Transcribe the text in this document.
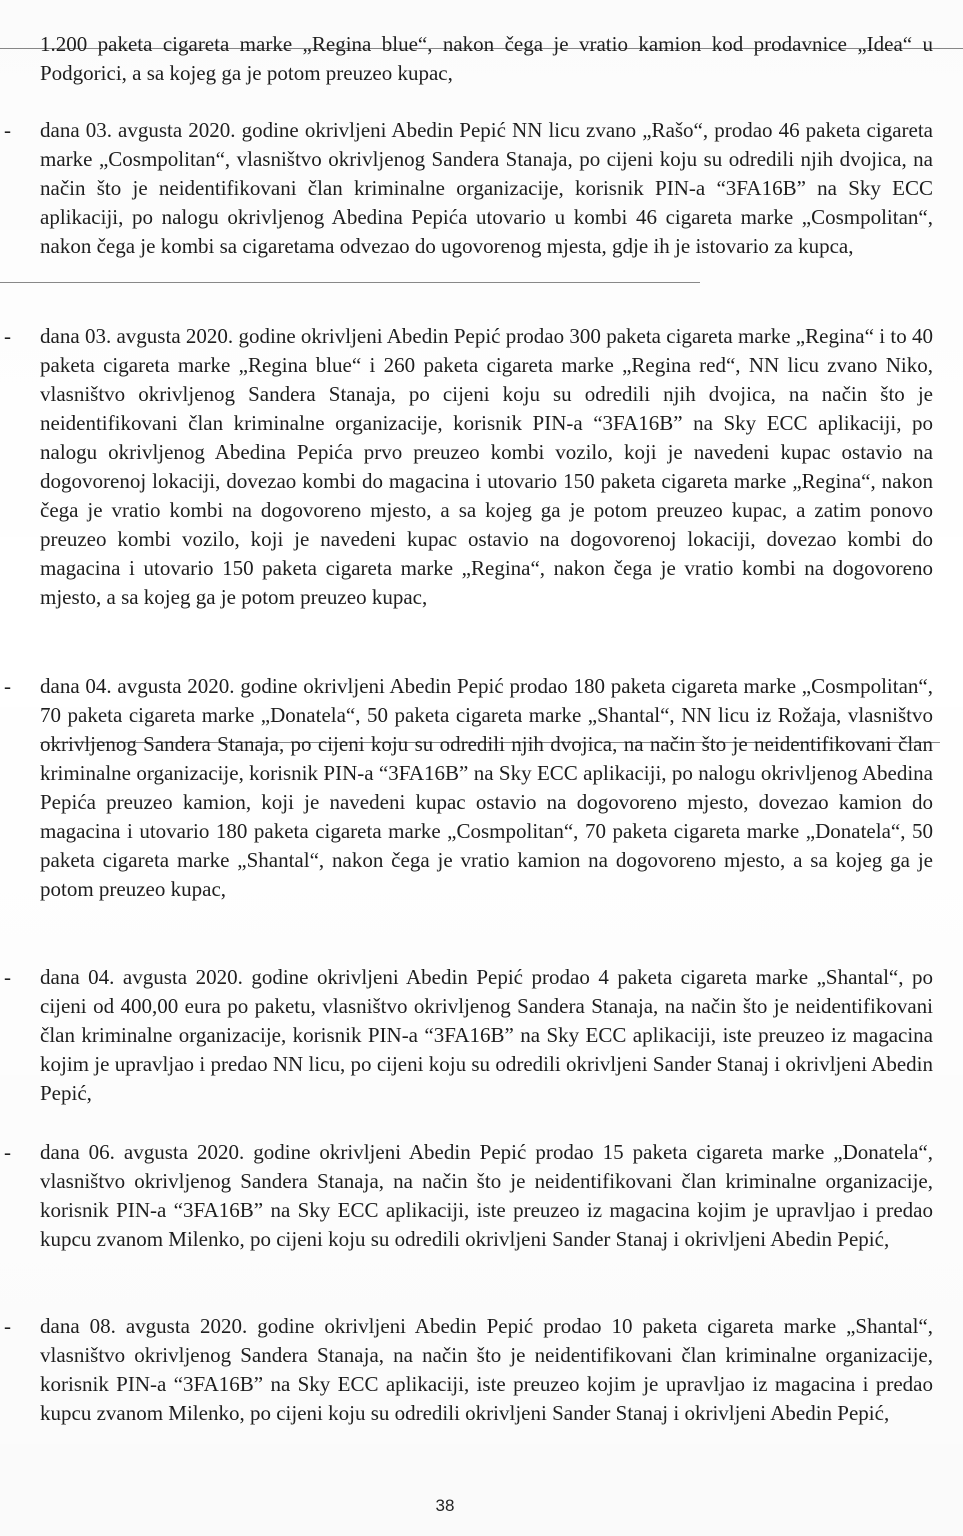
1.200 paketa cigareta marke „Regina blue“, nakon čega je vratio kamion kod prodavnice „Idea“ u Podgorici, a sa kojeg ga je potom preuzeo kupac,

- dana 03. avgusta 2020. godine okrivljeni Abedin Pepić NN licu zvano „Rašo“, prodao 46 paketa cigareta marke „Cosmpolitan“, vlasništvo okrivljenog Sandera Stanaja, po cijeni koju su odredili njih dvojica, na način što je neidentifikovani član kriminalne organizacije, korisnik PIN-a “3FA16B” na Sky ECC aplikaciji, po nalogu okrivljenog Abedina Pepića utovario u kombi 46 cigareta marke „Cosmpolitan“, nakon čega je kombi sa cigaretama odvezao do ugovorenog mjesta, gdje ih je istovario za kupca,

- dana 03. avgusta 2020. godine okrivljeni Abedin Pepić prodao 300 paketa cigareta marke „Regina“ i to 40 paketa cigareta marke „Regina blue“ i 260 paketa cigareta marke „Regina red“, NN licu zvano Niko, vlasništvo okrivljenog Sandera Stanaja, po cijeni koju su odredili njih dvojica, na način što je neidentifikovani član kriminalne organizacije, korisnik PIN-a “3FA16B” na Sky ECC aplikaciji, po nalogu okrivljenog Abedina Pepića prvo preuzeo kombi vozilo, koji je navedeni kupac ostavio na dogovorenoj lokaciji, dovezao kombi do magacina i utovario 150 paketa cigareta marke „Regina“, nakon čega je vratio kombi na dogovoreno mjesto, a sa kojeg ga je potom preuzeo kupac, a zatim ponovo preuzeo kombi vozilo, koji je navedeni kupac ostavio na dogovorenoj lokaciji, dovezao kombi do magacina i utovario 150 paketa cigareta marke „Regina“, nakon čega je vratio kombi na dogovoreno mjesto, a sa kojeg ga je potom preuzeo kupac,

- dana 04. avgusta 2020. godine okrivljeni Abedin Pepić prodao 180 paketa cigareta marke „Cosmpolitan“, 70 paketa cigareta marke „Donatela“, 50 paketa cigareta marke „Shantal“, NN licu iz Rožaja, vlasništvo okrivljenog Sandera Stanaja, po cijeni koju su odredili njih dvojica, na način što je neidentifikovani član kriminalne organizacije, korisnik PIN-a “3FA16B” na Sky ECC aplikaciji, po nalogu okrivljenog Abedina Pepića preuzeo kamion, koji je navedeni kupac ostavio na dogovoreno mjesto, dovezao kamion do magacina i utovario 180 paketa cigareta marke „Cosmpolitan“, 70 paketa cigareta marke „Donatela“, 50 paketa cigareta marke „Shantal“, nakon čega je vratio kamion na dogovoreno mjesto, a sa kojeg ga je potom preuzeo kupac,

- dana 04. avgusta 2020. godine okrivljeni Abedin Pepić prodao 4 paketa cigareta marke „Shantal“, po cijeni od 400,00 eura po paketu, vlasništvo okrivljenog Sandera Stanaja, na način što je neidentifikovani član kriminalne organizacije, korisnik PIN-a “3FA16B” na Sky ECC aplikaciji, iste preuzeo iz magacina kojim je upravljao i predao NN licu, po cijeni koju su odredili okrivljeni Sander Stanaj i okrivljeni Abedin Pepić,

- dana 06. avgusta 2020. godine okrivljeni Abedin Pepić prodao 15 paketa cigareta marke „Donatela“, vlasništvo okrivljenog Sandera Stanaja, na način što je neidentifikovani član kriminalne organizacije, korisnik PIN-a “3FA16B” na Sky ECC aplikaciji, iste preuzeo iz magacina kojim je upravljao i predao kupcu zvanom Milenko, po cijeni koju su odredili okrivljeni Sander Stanaj i okrivljeni Abedin Pepić,

- dana 08. avgusta 2020. godine okrivljeni Abedin Pepić prodao 10 paketa cigareta marke „Shantal“, vlasništvo okrivljenog Sandera Stanaja, na način što je neidentifikovani član kriminalne organizacije, korisnik PIN-a “3FA16B” na Sky ECC aplikaciji, iste preuzeo kojim je upravljao iz magacina i predao kupcu zvanom Milenko, po cijeni koju su odredili okrivljeni Sander Stanaj i okrivljeni Abedin Pepić,

38
